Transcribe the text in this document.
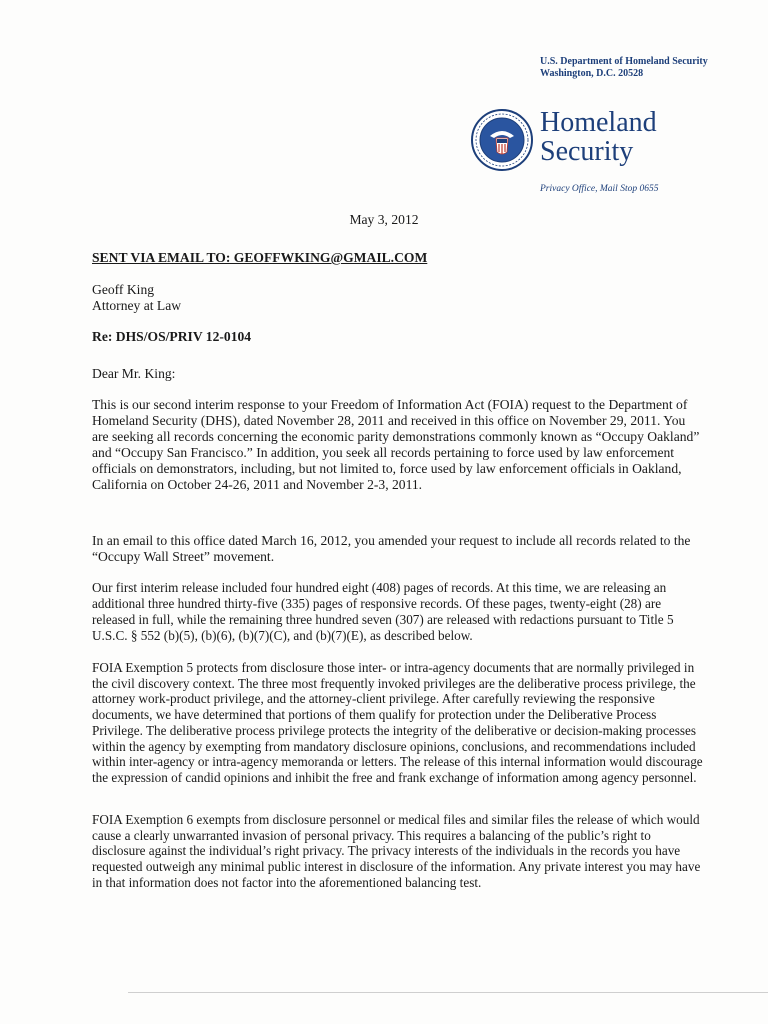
U.S. Department of Homeland Security
Washington, D.C. 20528
Homeland
Security
Privacy Office, Mail Stop 0655
May 3, 2012
SENT VIA EMAIL TO: GEOFFWKING@GMAIL.COM
Geoff King
Attorney at Law
Re: DHS/OS/PRIV 12-0104
Dear Mr. King:

This is our second interim response to your Freedom of Information Act (FOIA) request to the Department of Homeland Security (DHS), dated November 28, 2011 and received in this office on November 29, 2011. You are seeking all records concerning the economic parity demonstrations commonly known as “Occupy Oakland” and “Occupy San Francisco.” In addition, you seek all records pertaining to force used by law enforcement officials on demonstrators, including, but not limited to, force used by law enforcement officials in Oakland, California on October 24-26, 2011 and November 2-3, 2011.

In an email to this office dated March 16, 2012, you amended your request to include all records related to the “Occupy Wall Street” movement.

Our first interim release included four hundred eight (408) pages of records. At this time, we are releasing an additional three hundred thirty-five (335) pages of responsive records. Of these pages, twenty-eight (28) are released in full, while the remaining three hundred seven (307) are released with redactions pursuant to Title 5 U.S.C. § 552 (b)(5), (b)(6), (b)(7)(C), and (b)(7)(E), as described below.

FOIA Exemption 5 protects from disclosure those inter- or intra-agency documents that are normally privileged in the civil discovery context. The three most frequently invoked privileges are the deliberative process privilege, the attorney work-product privilege, and the attorney-client privilege. After carefully reviewing the responsive documents, we have determined that portions of them qualify for protection under the Deliberative Process Privilege. The deliberative process privilege protects the integrity of the deliberative or decision-making processes within the agency by exempting from mandatory disclosure opinions, conclusions, and recommendations included within inter-agency or intra-agency memoranda or letters. The release of this internal information would discourage the expression of candid opinions and inhibit the free and frank exchange of information among agency personnel.

FOIA Exemption 6 exempts from disclosure personnel or medical files and similar files the release of which would cause a clearly unwarranted invasion of personal privacy. This requires a balancing of the public’s right to disclosure against the individual’s right privacy. The privacy interests of the individuals in the records you have requested outweigh any minimal public interest in disclosure of the information. Any private interest you may have in that information does not factor into the aforementioned balancing test.
